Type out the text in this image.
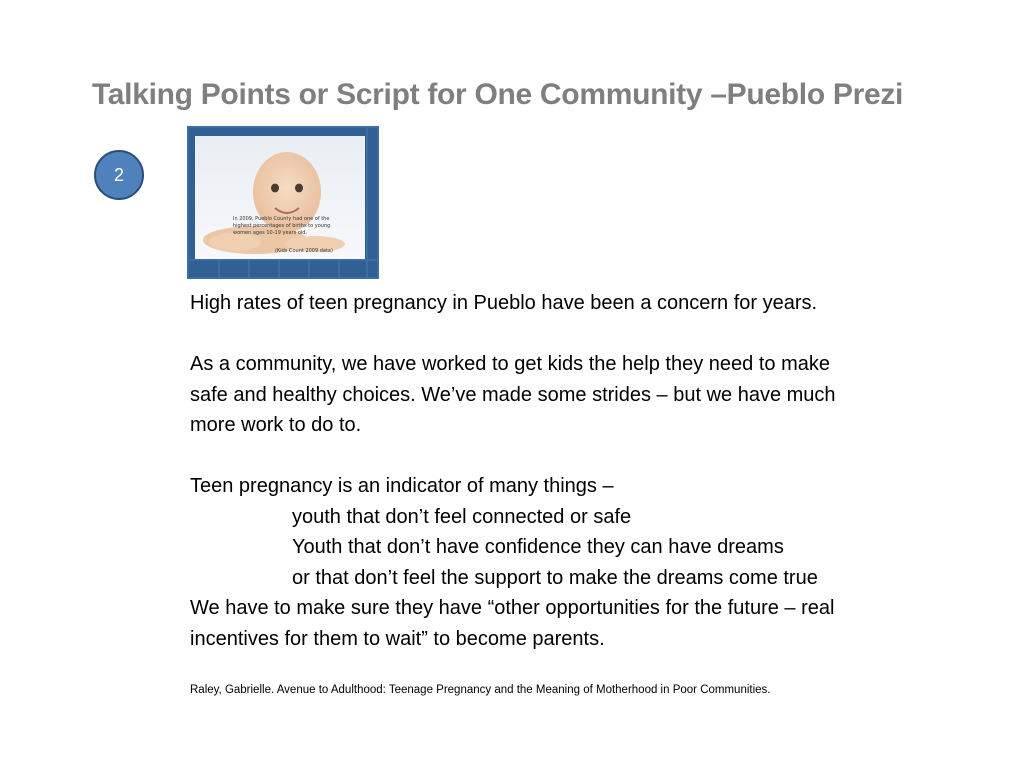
Talking Points or Script for One Community –Pueblo Prezi
2
In 2009, Pueblo County had one of the
highest percentages of births to young
women ages 10-19 years old.
(Kids Count 2009 data)

High rates of teen pregnancy in Pueblo have been a concern for years.

As a community, we have worked to get kids the help they need to make

safe and healthy choices. We’ve made some strides – but we have much

more work to do to.

Teen pregnancy is an indicator of many things –

youth that don’t feel connected or safe

Youth that don’t have confidence they can have dreams

or that don’t feel the support to make the dreams come true

We have to make sure they have “other opportunities for the future – real

incentives for them to wait” to become parents.

Raley, Gabrielle. Avenue to Adulthood: Teenage Pregnancy and the Meaning of Motherhood in Poor Communities.
